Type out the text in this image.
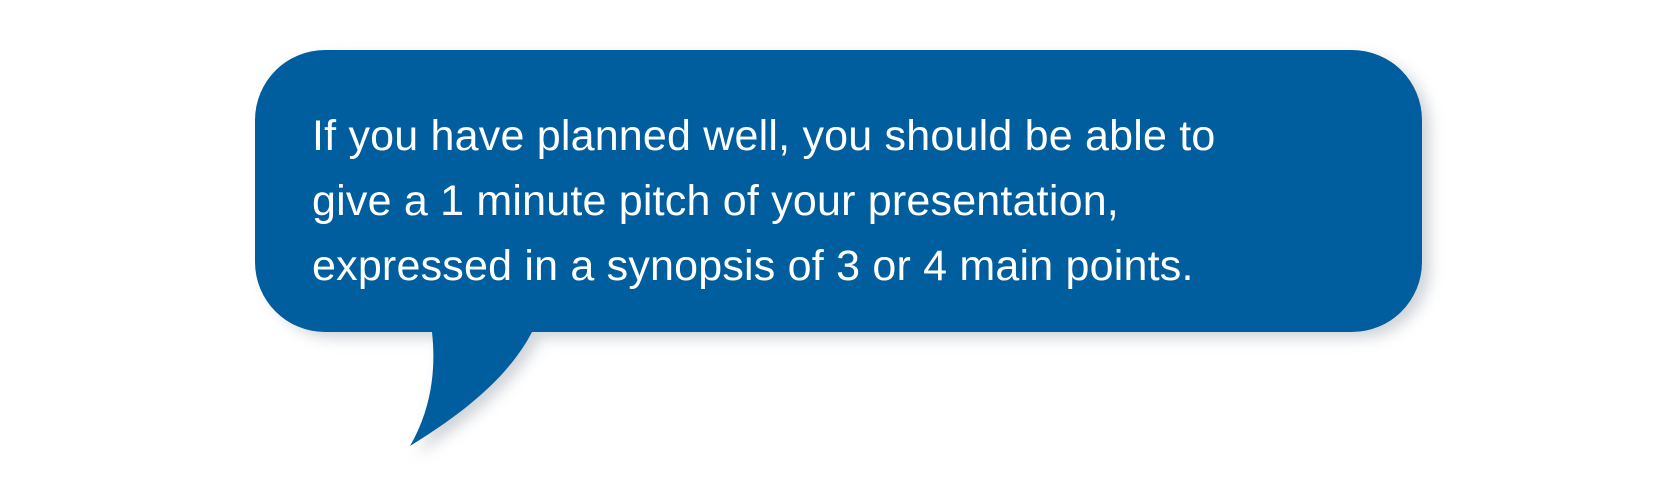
If you have planned well, you should be able to
give a 1 minute pitch of your presentation,
expressed in a synopsis of 3 or 4 main points.
